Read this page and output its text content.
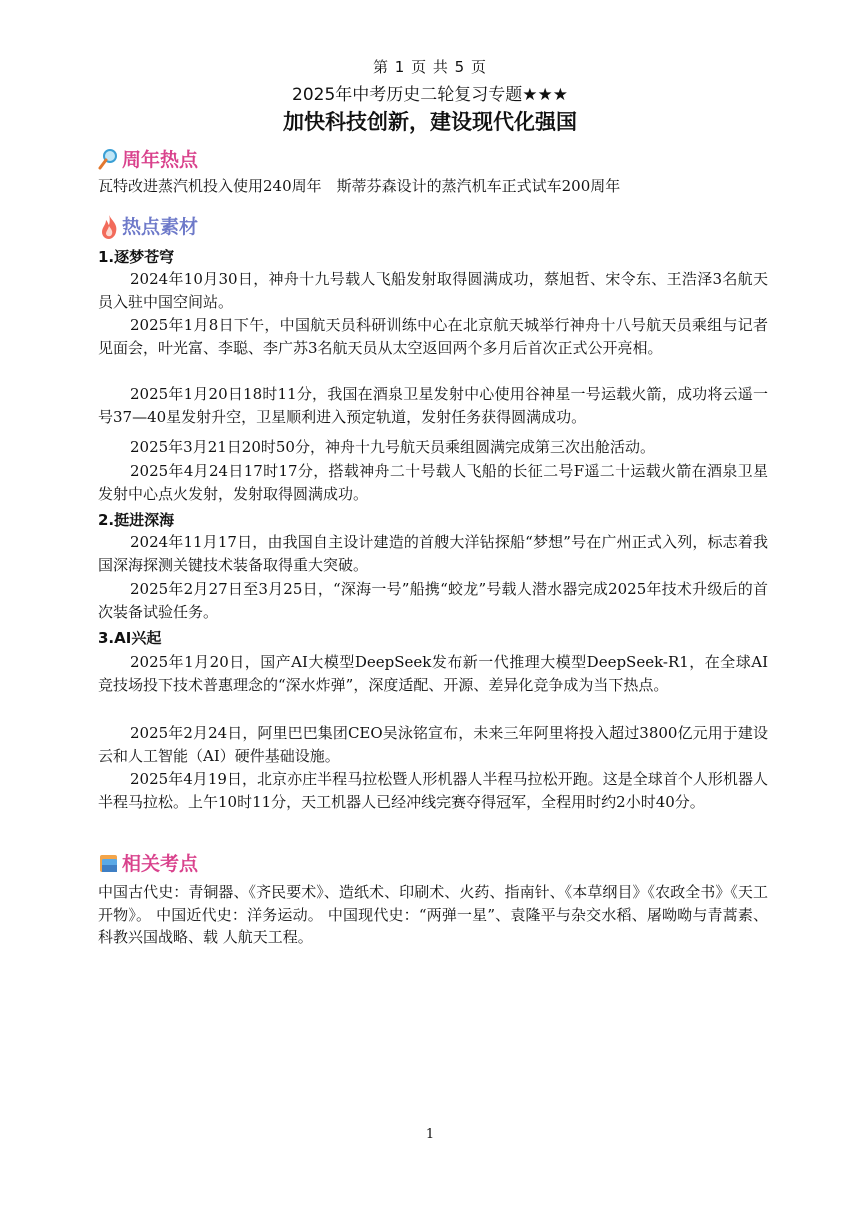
第 1 页 共 5 页
2025年中考历史二轮复习专题★★★
加快科技创新，建设现代化强国
周年热点
瓦特改进蒸汽机投入使用240周年　斯蒂芬森设计的蒸汽机车正式试车200周年
热点素材
1.逐梦苍穹
2024年10月30日，神舟十九号载人飞船发射取得圆满成功，蔡旭哲、宋令东、王浩泽3名航天员入驻中国空间站。
2025年1月8日下午，中国航天员科研训练中心在北京航天城举行神舟十八号航天员乘组与记者见面会，叶光富、李聪、李广苏3名航天员从太空返回两个多月后首次正式公开亮相。
2025年1月20日18时11分，我国在酒泉卫星发射中心使用谷神星一号运载火箭，成功将云遥一号37—40星发射升空，卫星顺利进入预定轨道，发射任务获得圆满成功。
2025年3月21日20时50分，神舟十九号航天员乘组圆满完成第三次出舱活动。
2025年4月24日17时17分，搭载神舟二十号载人飞船的长征二号F遥二十运载火箭在酒泉卫星发射中心点火发射，发射取得圆满成功。
2.挺进深海
2024年11月17日，由我国自主设计建造的首艘大洋钻探船“梦想”号在广州正式入列，标志着我国深海探测关键技术装备取得重大突破。
2025年2月27日至3月25日，“深海一号”船携“蛟龙”号载人潜水器完成2025年技术升级后的首次装备试验任务。
3.AI兴起
2025年1月20日，国产AI大模型DeepSeek发布新一代推理大模型DeepSeek-R1，在全球AI竞技场投下技术普惠理念的“深水炸弹”，深度适配、开源、差异化竞争成为当下热点。
2025年2月24日，阿里巴巴集团CEO吴泳铭宣布，未来三年阿里将投入超过3800亿元用于建设云和人工智能（AI）硬件基础设施。
2025年4月19日，北京亦庄半程马拉松暨人形机器人半程马拉松开跑。这是全球首个人形机器人半程马拉松。上午10时11分，天工机器人已经冲线完赛夺得冠军，全程用时约2小时40分。
相关考点
中国古代史：青铜器、《齐民要术》、造纸术、印刷术、火药、指南针、《本草纲目》《农政全书》《天工开物》。 中国近代史：洋务运动。 中国现代史：“两弹一星”、袁隆平与杂交水稻、屠呦呦与青蒿素、科教兴国战略、载 人航天工程。
1
